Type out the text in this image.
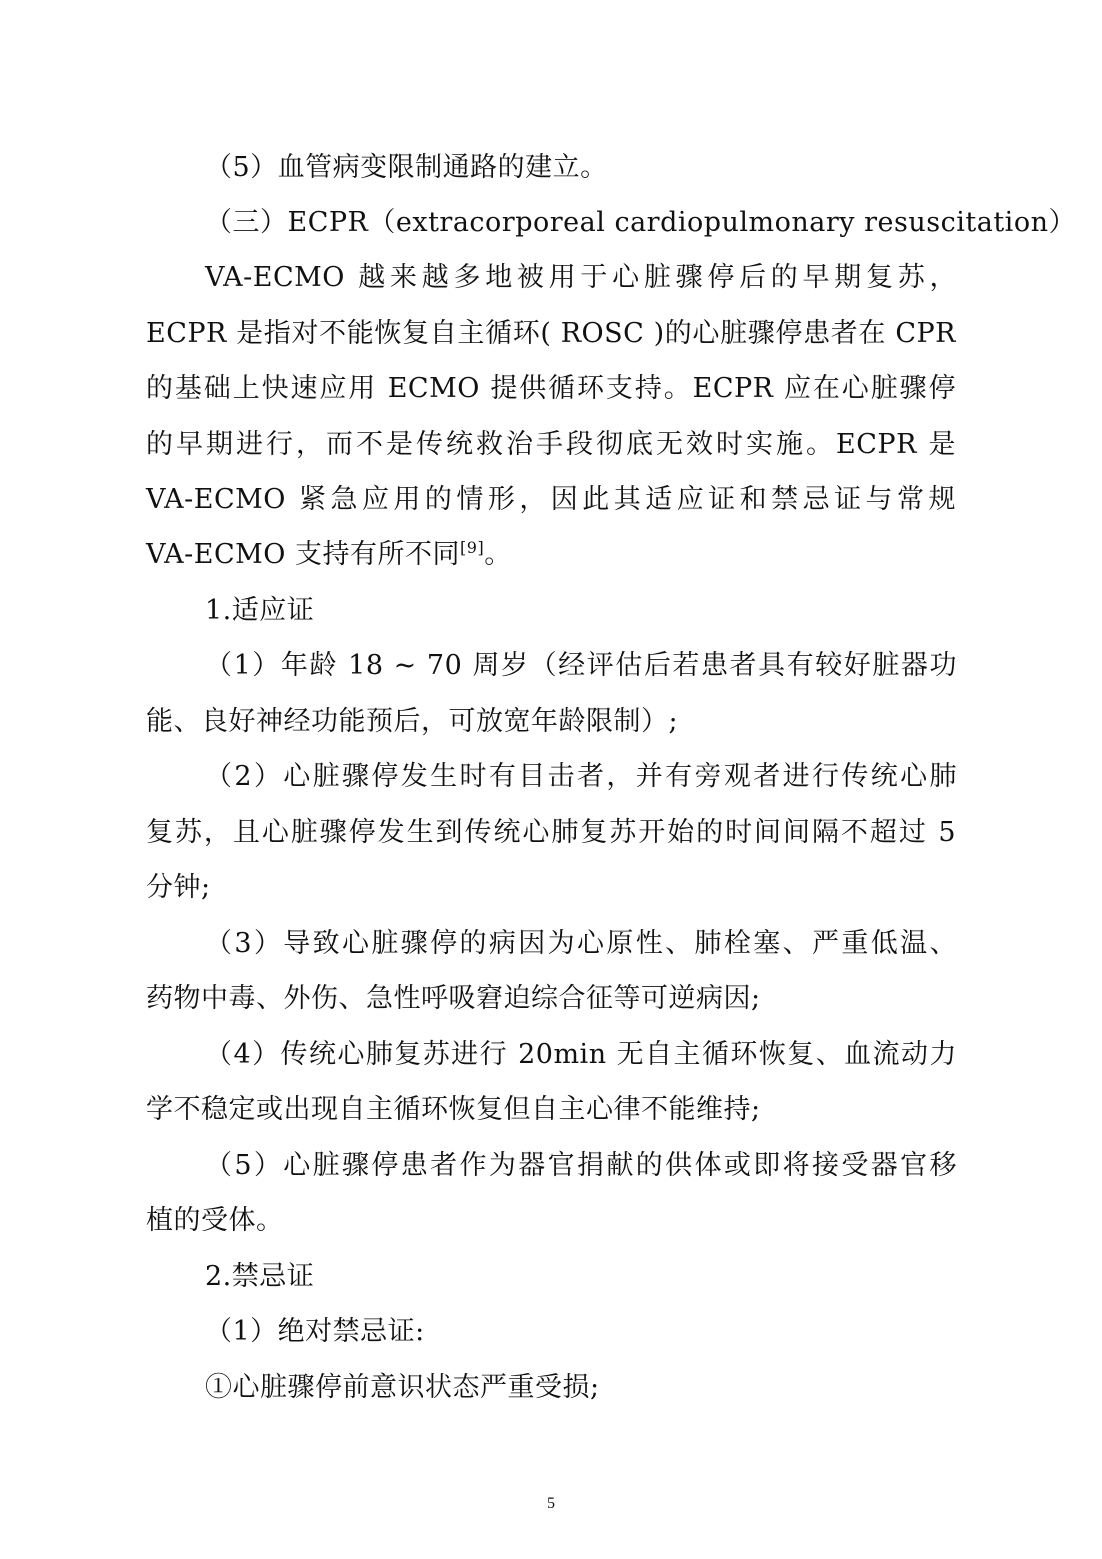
（5）血管病变限制通路的建立。
（三）ECPR（extracorporeal cardiopulmonary resuscitation）
VA-ECMO 越来越多地被用于心脏骤停后的早期复苏，
ECPR 是指对不能恢复自主循环( ROSC )的心脏骤停患者在 CPR
的基础上快速应用 ECMO 提供循环支持。ECPR 应在心脏骤停
的早期进行，而不是传统救治手段彻底无效时实施。ECPR 是
VA-ECMO 紧急应用的情形，因此其适应证和禁忌证与常规
VA-ECMO 支持有所不同[9]。
1.适应证
（1）年龄 18 ~ 70 周岁（经评估后若患者具有较好脏器功
能、良好神经功能预后，可放宽年龄限制）;
（2）心脏骤停发生时有目击者，并有旁观者进行传统心肺
复苏，且心脏骤停发生到传统心肺复苏开始的时间间隔不超过 5
分钟;
（3）导致心脏骤停的病因为心原性、肺栓塞、严重低温、
药物中毒、外伤、急性呼吸窘迫综合征等可逆病因;
（4）传统心肺复苏进行 20min 无自主循环恢复、血流动力
学不稳定或出现自主循环恢复但自主心律不能维持;
（5）心脏骤停患者作为器官捐献的供体或即将接受器官移
植的受体。
2.禁忌证
（1）绝对禁忌证:
①心脏骤停前意识状态严重受损;
5
